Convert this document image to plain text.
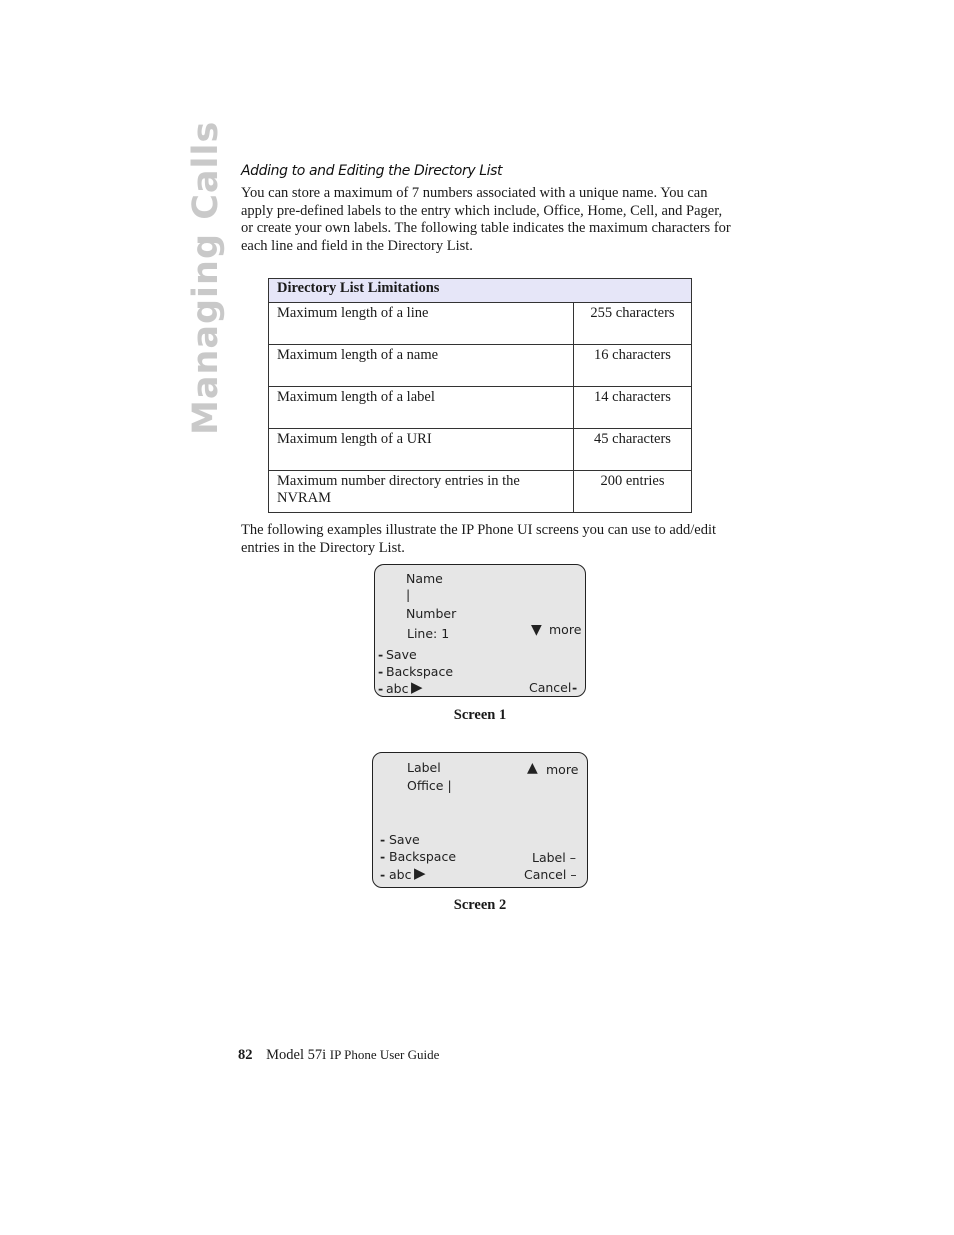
Managing Calls Adding to and Editing the Directory List

You can store a maximum of 7 numbers associated with a unique name. You can apply pre-defined labels to the entry which include, Office, Home, Cell, and Pager, or create your own labels. The following table indicates the maximum characters for each line and field in the Directory List.

Directory List Limitations	
Maximum length of a line	255 characters
Maximum length of a name	16 characters
Maximum length of a label	14 characters
Maximum length of a URI	45 characters
Maximum number directory entries in the NVRAM	200 entries

The following examples illustrate the IP Phone UI screens you can use to add/edit entries in the Directory List.

Name
|
Number
Line: 1	▼ more
- Save
- Backspace
- abc ▶	Cancel -
Screen 1
Label
Office |
▲ more
- Save
- Backspace
- abc ▶
Label –
Cancel –
Screen 2
82 Model 57i IP Phone User Guide
